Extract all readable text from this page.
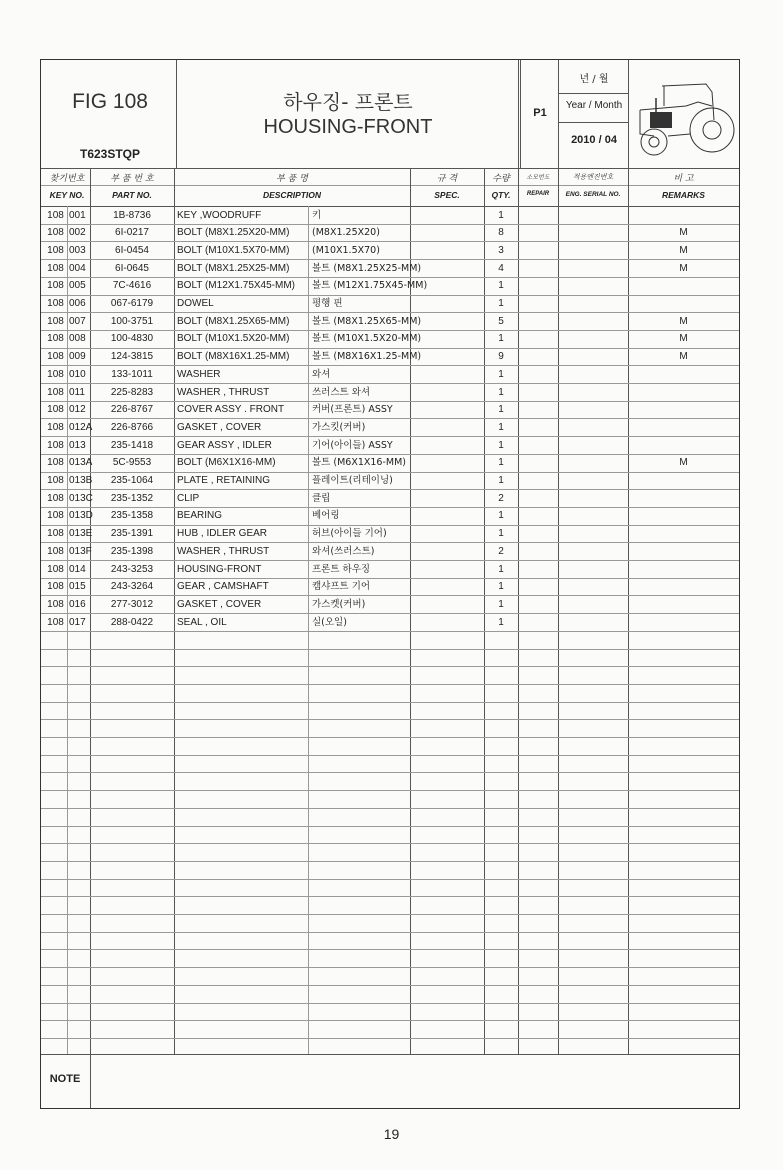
FIG 108
T623STQP
하우징- 프론트
HOUSING-FRONT
P1
년 / 월
Year / Month
2010 / 04
찾기번호
KEY NO.
부 품 번 호
PART NO.
부 품 명
DESCRIPTION
규 격
SPEC.
수량
QTY.
소모번도
REPAIR
적용엔진번호
ENG. SERIAL NO.
비 고
REMARKS
108 001	1B-8736	KEY ,WOODRUFF	키	1
108 002	6I-0217	BOLT (M8X1.25X20-MM)	(M8X1.25X20)	8	M
108 003	6I-0454	BOLT (M10X1.5X70-MM)	(M10X1.5X70)	3	M
108 004	6I-0645	BOLT (M8X1.25X25-MM)	볼트 (M8X1.25X25-MM)	4	M
108 005	7C-4616	BOLT (M12X1.75X45-MM)	볼트 (M12X1.75X45-MM)	1
108 006	067-6179	DOWEL	평행 핀	1
108 007	100-3751	BOLT (M8X1.25X65-MM)	볼트 (M8X1.25X65-MM)	5	M
108 008	100-4830	BOLT (M10X1.5X20-MM)	볼트 (M10X1.5X20-MM)	1	M
108 009	124-3815	BOLT (M8X16X1.25-MM)	볼트 (M8X16X1.25-MM)	9	M
108 010	133-1011	WASHER	와셔	1
108 011	225-8283	WASHER , THRUST	쓰러스트 와셔	1
108 012	226-8767	COVER ASSY . FRONT	커버(프론트) ASSY	1
108 012A	226-8766	GASKET , COVER	가스킷(커버)	1
108 013	235-1418	GEAR ASSY , IDLER	기어(아이들) ASSY	1
108 013A	5C-9553	BOLT (M6X1X16-MM)	볼트 (M6X1X16-MM)	1	M
108 013B	235-1064	PLATE , RETAINING	플레이트(리테이닝)	1
108 013C	235-1352	CLIP	클립	2
108 013D	235-1358	BEARING	베어링	1
108 013E	235-1391	HUB , IDLER GEAR	허브(아이들 기어)	1
108 013F	235-1398	WASHER , THRUST	와셔(쓰러스트)	2
108 014	243-3253	HOUSING-FRONT	프론트 하우징	1
108 015	243-3264	GEAR , CAMSHAFT	캠샤프트 기어	1
108 016	277-3012	GASKET , COVER	가스켓(커버)	1
108 017	288-0422	SEAL , OIL	실(오일)	1
NOTE
19
